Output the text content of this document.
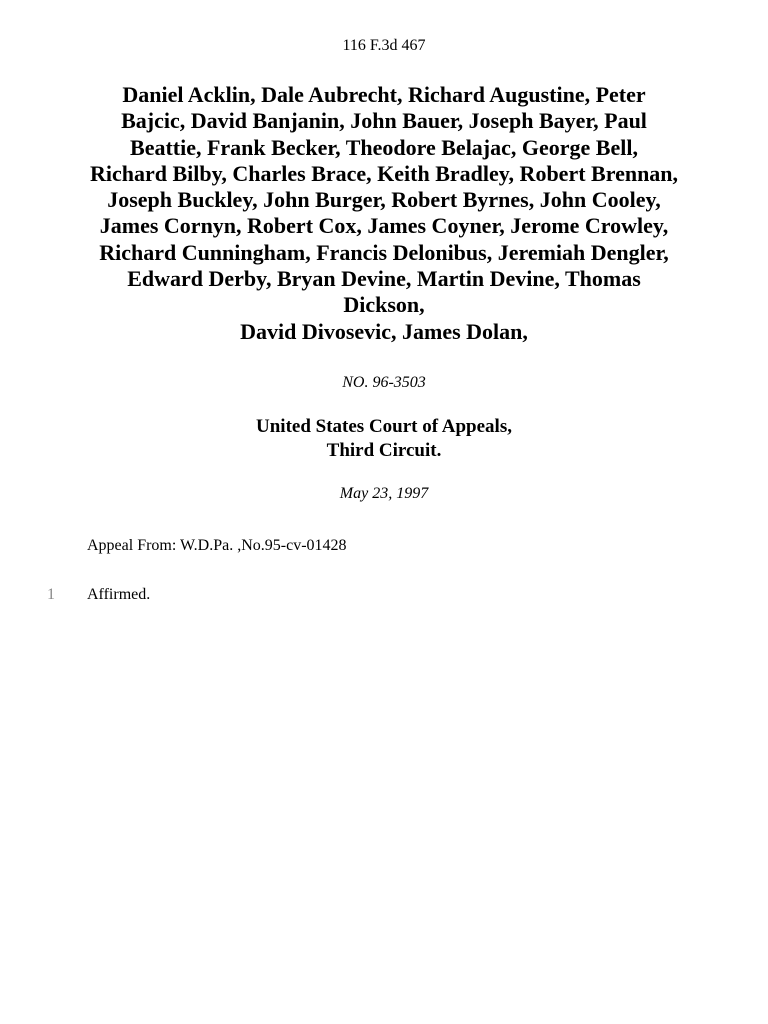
116 F.3d 467
Daniel Acklin, Dale Aubrecht, Richard Augustine, Peter
Bajcic, David Banjanin, John Bauer, Joseph Bayer, Paul
Beattie, Frank Becker, Theodore Belajac, George Bell,
Richard Bilby, Charles Brace, Keith Bradley, Robert Brennan,
Joseph Buckley, John Burger, Robert Byrnes, John Cooley,
James Cornyn, Robert Cox, James Coyner, Jerome Crowley,
Richard Cunningham, Francis Delonibus, Jeremiah Dengler,
Edward Derby, Bryan Devine, Martin Devine, Thomas
Dickson,
David Divosevic, James Dolan,
NO. 96-3503
United States Court of Appeals,
Third Circuit.
May 23, 1997
Appeal From: W.D.Pa. ,No.95-cv-01428
1 Affirmed.
